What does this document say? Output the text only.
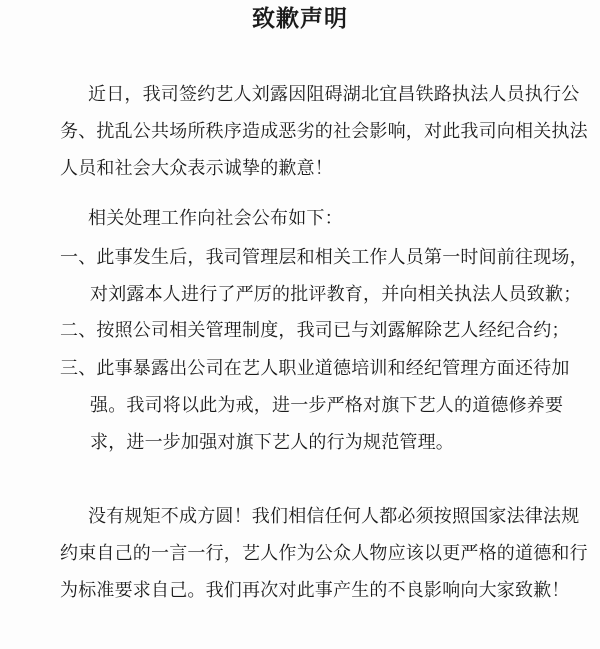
致歉声明
近日，我司签约艺人刘露因阻碍湖北宜昌铁路执法人员执行公
务、扰乱公共场所秩序造成恶劣的社会影响，对此我司向相关执法
人员和社会大众表示诚挚的歉意！
相关处理工作向社会公布如下：
一、此事发生后，我司管理层和相关工作人员第一时间前往现场，
对刘露本人进行了严厉的批评教育，并向相关执法人员致歉；
二、按照公司相关管理制度，我司已与刘露解除艺人经纪合约；
三、此事暴露出公司在艺人职业道德培训和经纪管理方面还待加
强。我司将以此为戒，进一步严格对旗下艺人的道德修养要
求，进一步加强对旗下艺人的行为规范管理。
没有规矩不成方圆！我们相信任何人都必须按照国家法律法规
约束自己的一言一行，艺人作为公众人物应该以更严格的道德和行
为标准要求自己。我们再次对此事产生的不良影响向大家致歉！
